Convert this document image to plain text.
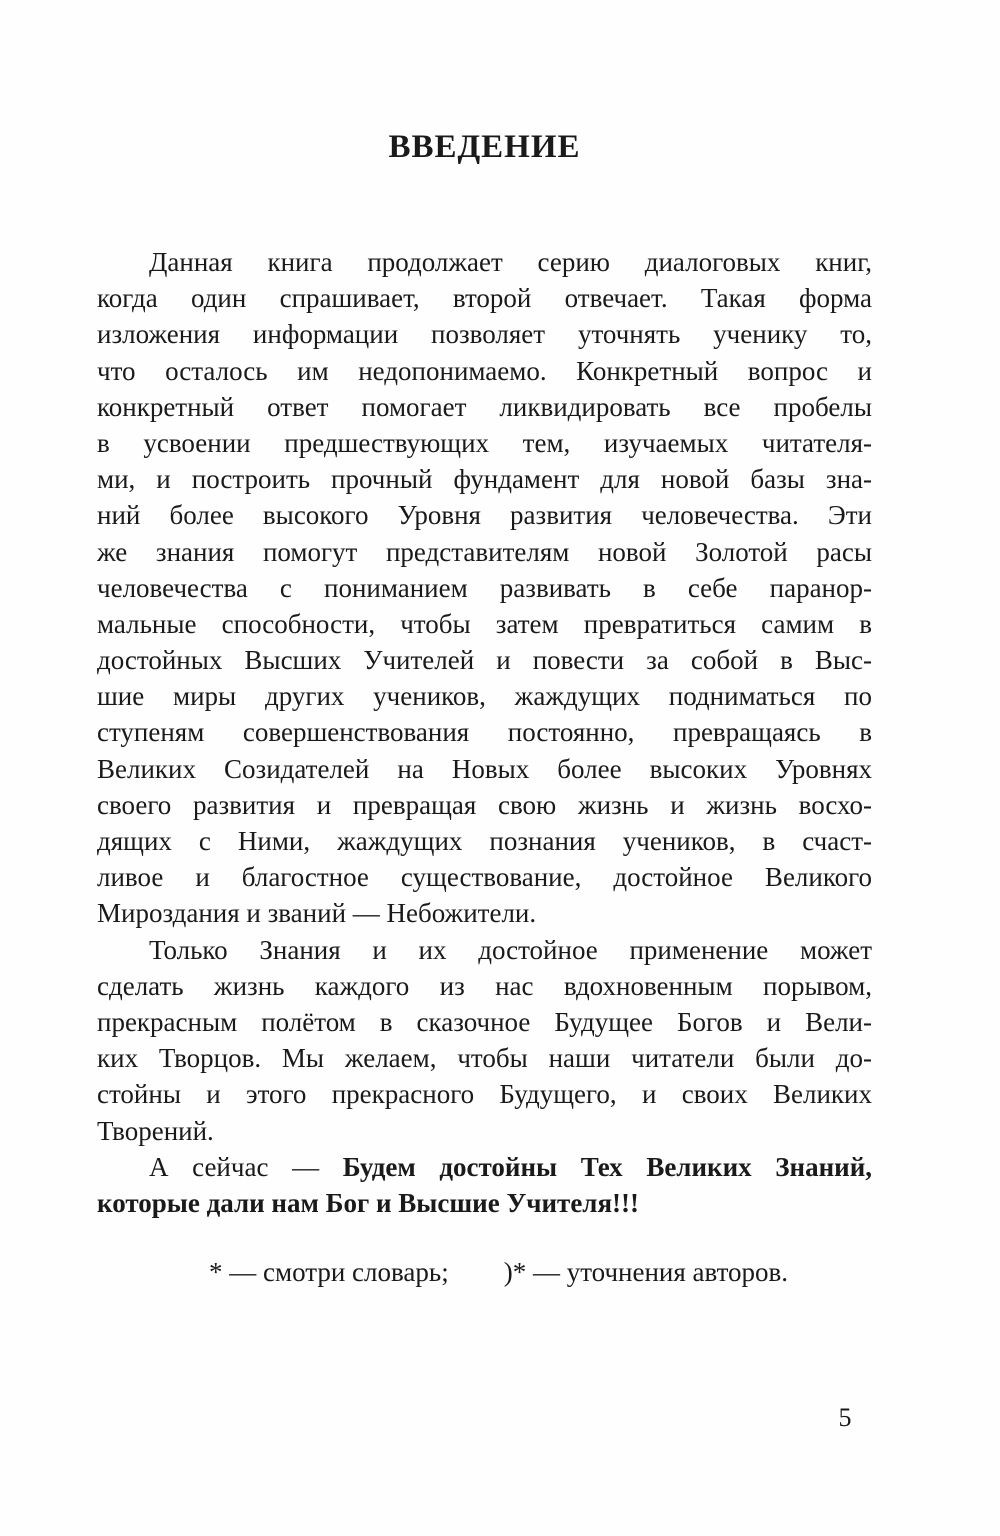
ВВЕДЕНИЕ
Данная книга продолжает серию диалоговых книг,
когда один спрашивает, второй отвечает. Такая форма
изложения информации позволяет уточнять ученику то,
что осталось им недопонимаемо. Конкретный вопрос и
конкретный ответ помогает ликвидировать все пробелы
в усвоении предшествующих тем, изучаемых читателя-
ми, и построить прочный фундамент для новой базы зна-
ний более высокого Уровня развития человечества. Эти
же знания помогут представителям новой Золотой расы
человечества с пониманием развивать в себе паранор-
мальные способности, чтобы затем превратиться самим в
достойных Высших Учителей и повести за собой в Выс-
шие миры других учеников, жаждущих подниматься по
ступеням совершенствования постоянно, превращаясь в
Великих Созидателей на Новых более высоких Уровнях
своего развития и превращая свою жизнь и жизнь восхо-
дящих с Ними, жаждущих познания учеников, в счаст-
ливое и благостное существование, достойное Великого
Мироздания и званий — Небожители.
Только Знания и их достойное применение может
сделать жизнь каждого из нас вдохновенным порывом,
прекрасным полётом в сказочное Будущее Богов и Вели-
ких Творцов. Мы желаем, чтобы наши читатели были до-
стойны и этого прекрасного Будущего, и своих Великих
Творений.
А сейчас — Будем достойны Тех Великих Знаний,
которые дали нам Бог и Высшие Учителя!!!
* — смотри словарь; )* — уточнения авторов.
5
